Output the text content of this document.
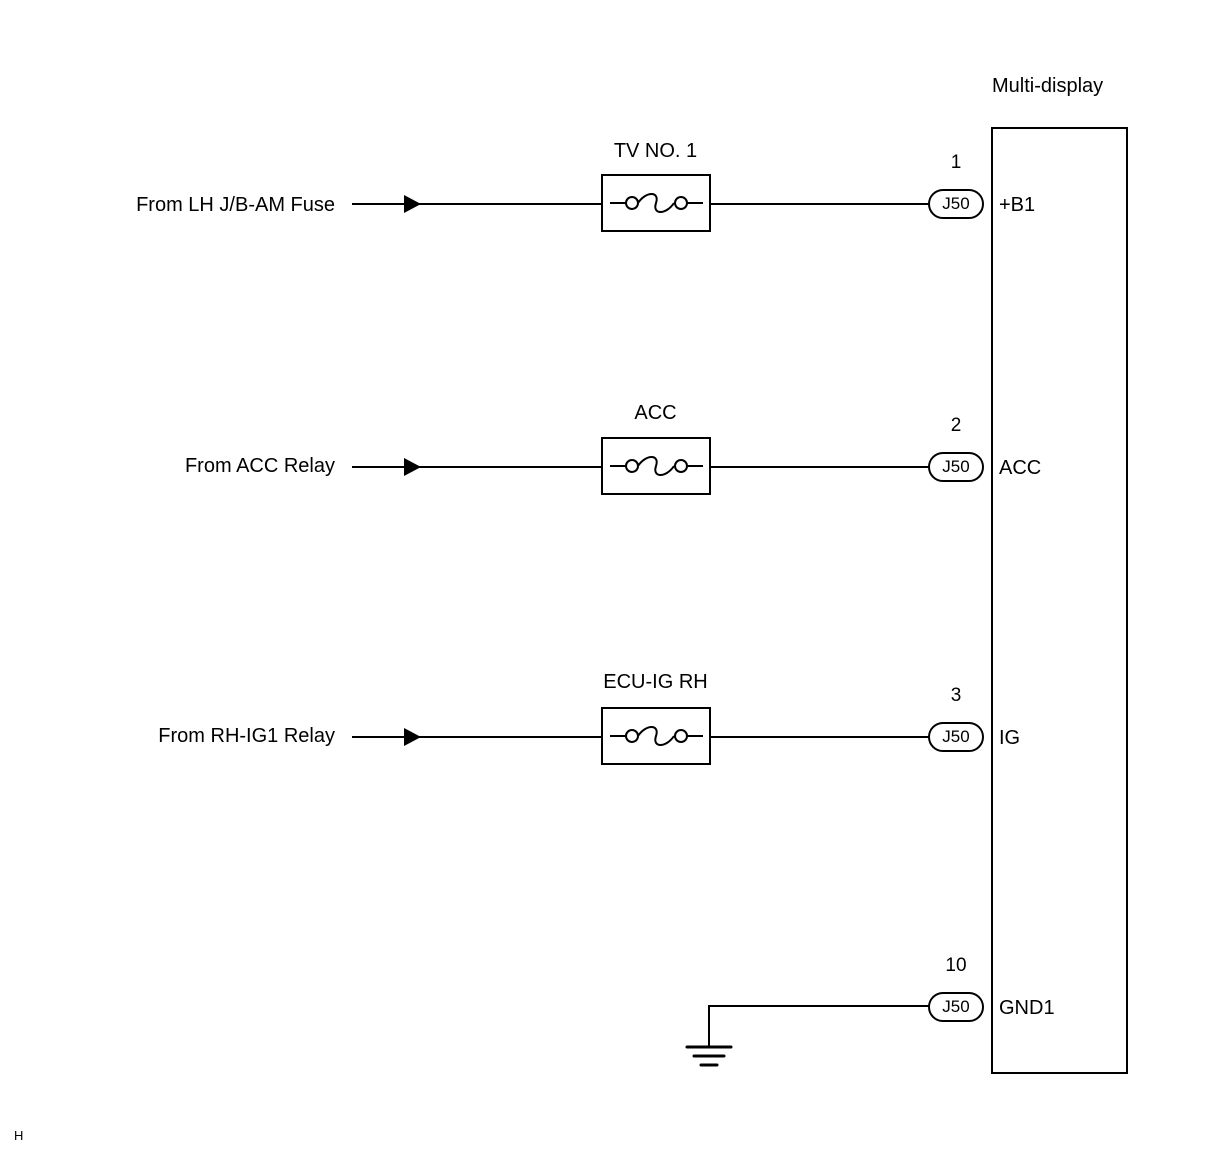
Multi-display
From LH J/B-AM Fuse
TV NO. 1
1
J50	+B1
From ACC Relay
ACC
2
J50	ACC
From RH-IG1 Relay
ECU-IG RH
3
J50	IG
10
J50	GND1
H
